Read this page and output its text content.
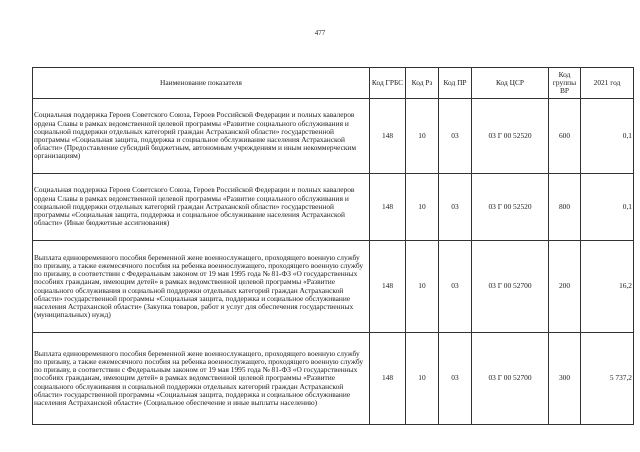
477
Наименование показателя	Код ГРБС	Код Рз	Код ПР	Код ЦСР	Код группы ВР	2021 год
Социальная поддержка Героев Советского Союза, Героев Российской Федерации и полных кавалеров ордена Славы в рамках ведомственной целевой программы «Развитие социального обслуживания и социальной поддержки отдельных категорий граждан Астраханской области» государственной программы «Социальная защита, поддержка и социальное обслуживание населения Астраханской области» (Предоставление субсидий бюджетным, автономным учреждениям и иным некоммерческим организациям)	148	10	03	03 Г 00 52520	600	0,1
Социальная поддержка Героев Советского Союза, Героев Российской Федерации и полных кавалеров ордена Славы в рамках ведомственной целевой программы «Развитие социального обслуживания и социальной поддержки отдельных категорий граждан Астраханской области» государственной программы «Социальная защита, поддержка и социальное обслуживание населения Астраханской области» (Иные бюджетные ассигнования)	148	10	03	03 Г 00 52520	800	0,1
Выплата единовременного пособия беременной жене военнослужащего, проходящего военную службу по призыву, а также ежемесячного пособия на ребенка военнослужащего, проходящего военную службу по призыву, в соответствии с Федеральным законом от 19 мая 1995 года № 81-ФЗ «О государственных пособиях гражданам, имеющим детей» в рамках ведомственной целевой программы «Развитие социального обслуживания и социальной поддержки отдельных категорий граждан Астраханской области» государственной программы «Социальная защита, поддержка и социальное обслуживание населения Астраханской области» (Закупка товаров, работ и услуг для обеспечения государственных (муниципальных) нужд)	148	10	03	03 Г 00 52700	200	16,2
Выплата единовременного пособия беременной жене военнослужащего, проходящего военную службу по призыву, а также ежемесячного пособия на ребенка военнослужащего, проходящего военную службу по призыву, в соответствии с Федеральным законом от 19 мая 1995 года № 81-ФЗ «О государственных пособиях гражданам, имеющим детей» в рамках ведомственной целевой программы «Развитие социального обслуживания и социальной поддержки отдельных категорий граждан Астраханской области» государственной программы «Социальная защита, поддержка и социальное обслуживание населения Астраханской области» (Социальное обеспечение и иные выплаты населению)	148	10	03	03 Г 00 52700	300	5 737,2
